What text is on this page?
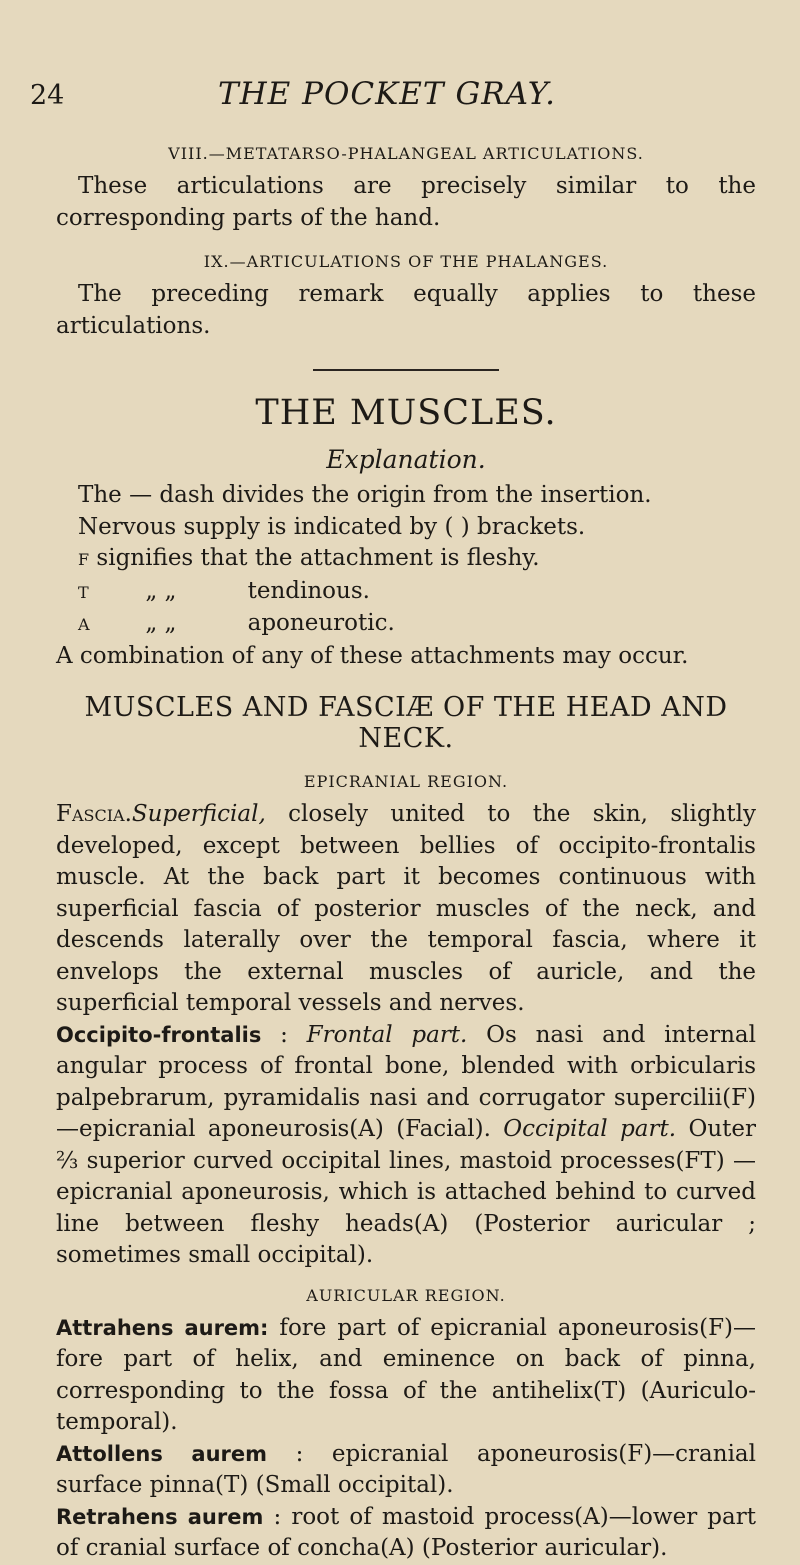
24	THE POCKET GRAY.
VIII.—METATARSO-PHALANGEAL ARTICULATIONS.

These articulations are precisely similar to the corresponding parts of the hand.

IX.—ARTICULATIONS OF THE PHALANGES.

The preceding remark equally applies to these articulations.

THE MUSCLES.
Explanation.
The — dash divides the origin from the insertion.
Nervous supply is indicated by ( ) brackets.
F signifies that the attachment is fleshy.
T „ „	tendinous.
A „ „	aponeurotic.
A combination of any of these attachments may occur.
MUSCLES AND FASCIÆ OF THE HEAD AND NECK.
EPICRANIAL REGION.

Fascia.Superficial, closely united to the skin, slightly developed, except between bellies of occipito-frontalis muscle. At the back part it becomes continuous with superficial fascia of posterior muscles of the neck, and descends laterally over the temporal fascia, where it envelops the external muscles of auricle, and the superficial temporal vessels and nerves.

Occipito-frontalis : Frontal part. Os nasi and internal angular process of frontal bone, blended with orbicularis palpebrarum, pyramidalis nasi and corrugator supercilii(F)—epicranial aponeurosis(A) (Facial). Occipital part. Outer ⅔ superior curved occipital lines, mastoid processes(FT) — epicranial aponeurosis, which is attached behind to curved line between fleshy heads(A) (Posterior auricular ; sometimes small occipital).

AURICULAR REGION.

Attrahens aurem: fore part of epicranial aponeurosis(F)— fore part of helix, and eminence on back of pinna, corresponding to the fossa of the antihelix(T) (Auriculo-temporal).

Attollens aurem : epicranial aponeurosis(F)—cranial surface pinna(T) (Small occipital).

Retrahens aurem : root of mastoid process(A)—lower part of cranial surface of concha(A) (Posterior auricular).
